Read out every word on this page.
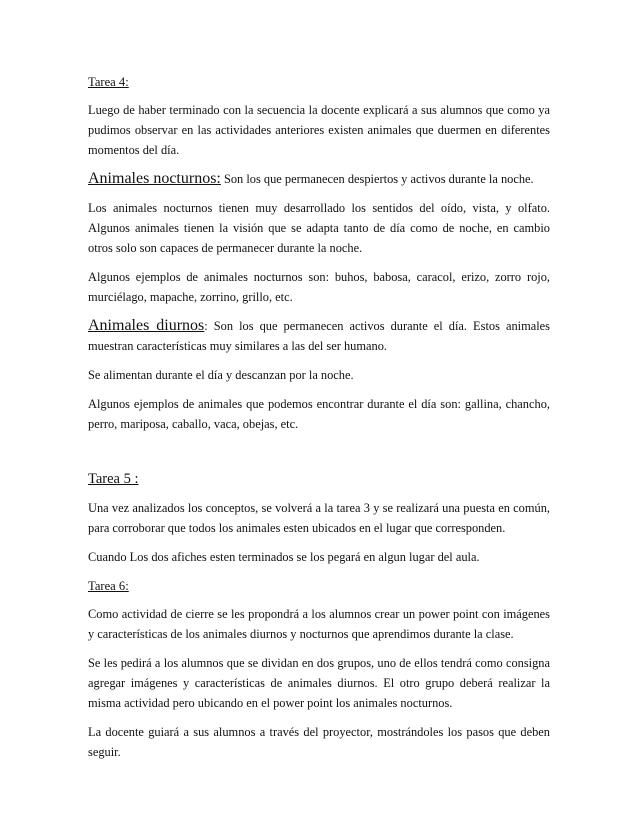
Tarea 4:

Luego de haber terminado con la secuencia la docente explicará a sus alumnos que como ya pudimos observar en las actividades anteriores existen animales que duermen en diferentes momentos del día.

Animales nocturnos: Son los que permanecen despiertos y activos durante la noche.

Los animales nocturnos tienen muy desarrollado los sentidos del oído, vista, y olfato. Algunos animales tienen la visión que se adapta tanto de día como de noche, en cambio otros solo son capaces de permanecer durante la noche.

Algunos ejemplos de animales nocturnos son: buhos, babosa, caracol, erizo, zorro rojo, murciélago, mapache, zorrino, grillo, etc.

Animales diurnos: Son los que permanecen activos durante el día. Estos animales muestran características muy similares a las del ser humano.

Se alimentan durante el día y descanzan por la noche.

Algunos ejemplos de animales que podemos encontrar durante el día son: gallina, chancho, perro, mariposa, caballo, vaca, obejas, etc.

Tarea 5 :

Una vez analizados los conceptos, se volverá a la tarea 3 y se realizará una puesta en común, para corroborar que todos los animales esten ubicados en el lugar que corresponden.

Cuando Los dos afiches esten terminados se los pegará en algun lugar del aula.

Tarea 6:

Como actividad de cierre se les propondrá a los alumnos crear un power point con imágenes y características de los animales diurnos y nocturnos que aprendimos durante la clase.

Se les pedirá a los alumnos que se dividan en dos grupos, uno de ellos tendrá como consigna agregar imágenes y características de animales diurnos. El otro grupo deberá realizar la misma actividad pero ubicando en el power point los animales nocturnos.

La docente guiará a sus alumnos a través del proyector, mostrándoles los pasos que deben seguir.
